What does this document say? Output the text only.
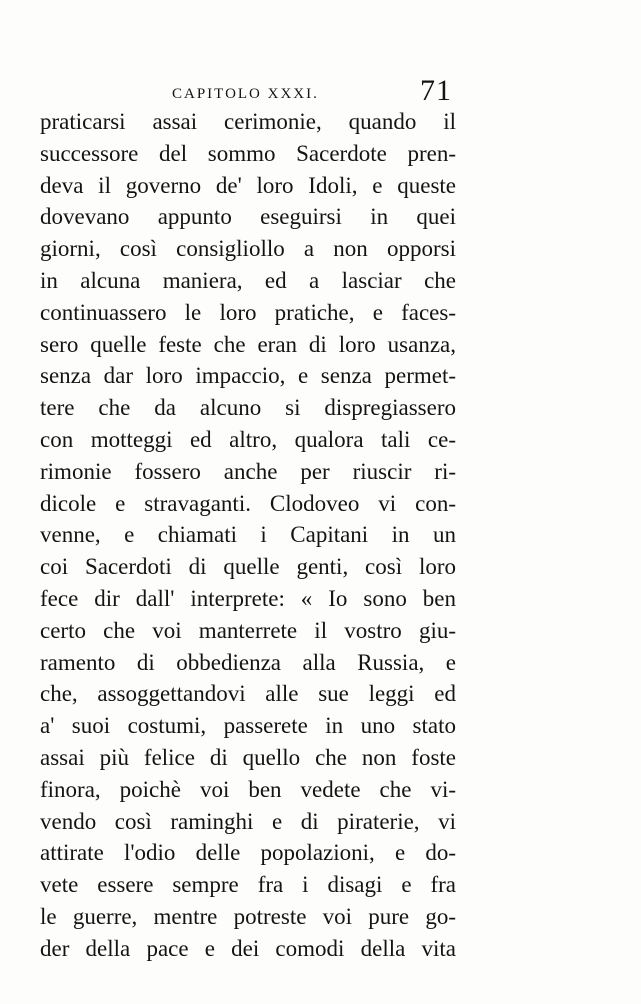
CAPITOLO XXXI.	71
praticarsi assai cerimonie, quando il
successore del sommo Sacerdote pren-
deva il governo de' loro Idoli, e queste
dovevano appunto eseguirsi in quei
giorni, così consigliollo a non opporsi
in alcuna maniera, ed a lasciar che
continuassero le loro pratiche, e faces-
sero quelle feste che eran di loro usanza,
senza dar loro impaccio, e senza permet-
tere che da alcuno si dispregiassero
con motteggi ed altro, qualora tali ce-
rimonie fossero anche per riuscir ri-
dicole e stravaganti. Clodoveo vi con-
venne, e chiamati i Capitani in un
coi Sacerdoti di quelle genti, così loro
fece dir dall' interprete: « Io sono ben
certo che voi manterrete il vostro giu-
ramento di obbedienza alla Russia, e
che, assoggettandovi alle sue leggi ed
a' suoi costumi, passerete in uno stato
assai più felice di quello che non foste
finora, poichè voi ben vedete che vi-
vendo così raminghi e di piraterie, vi
attirate l'odio delle popolazioni, e do-
vete essere sempre fra i disagi e fra
le guerre, mentre potreste voi pure go-
der della pace e dei comodi della vita
